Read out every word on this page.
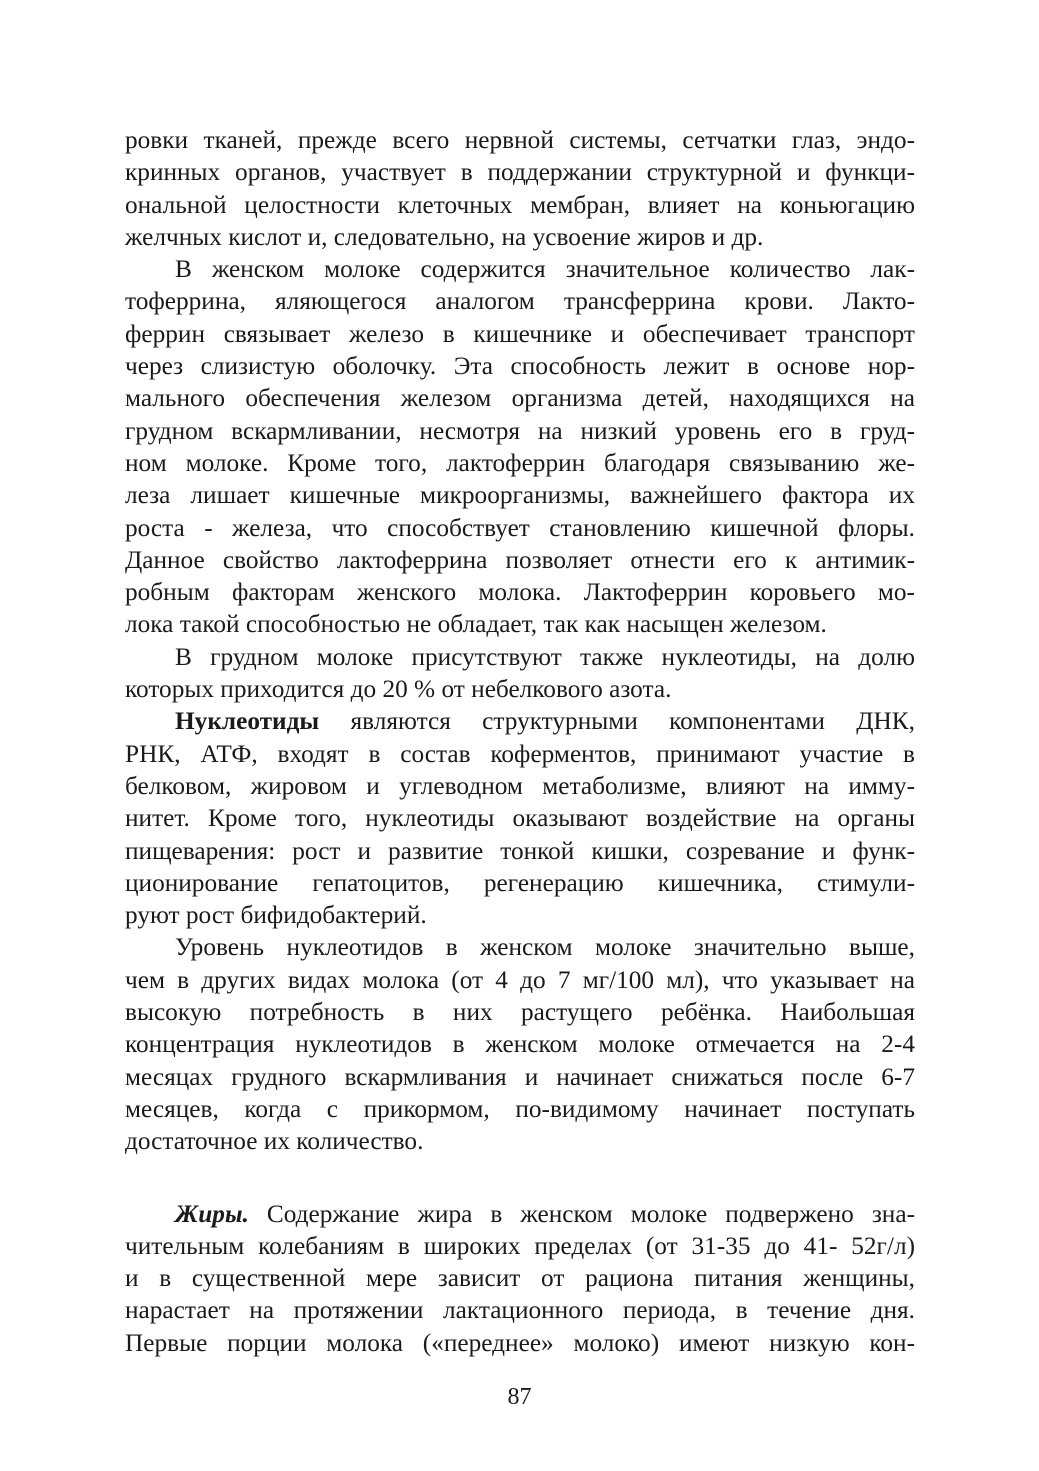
ровки тканей, прежде всего нервной системы, сетчатки глаз, эндо-
кринных органов, участвует в поддержании структурной и функци-
ональной целостности клеточных мембран, влияет на коньюгацию
желчных кислот и, следовательно, на усвоение жиров и др.
В женском молоке содержится значительное количество лак-
тоферрина, яляющегося аналогом трансферрина крови. Лакто-
феррин связывает железо в кишечнике и обеспечивает транспорт
через слизистую оболочку. Эта способность лежит в основе нор-
мального обеспечения железом организма детей, находящихся на
грудном вскармливании, несмотря на низкий уровень его в груд-
ном молоке. Кроме того, лактоферрин благодаря связыванию же-
леза лишает кишечные микроорганизмы, важнейшего фактора их
роста - железа, что способствует становлению кишечной флоры.
Данное свойство лактоферрина позволяет отнести его к антимик-
робным факторам женского молока. Лактоферрин коровьего мо-
лока такой способностью не обладает, так как насыщен железом.
В грудном молоке присутствуют также нуклеотиды, на долю
которых приходится до 20 % от небелкового азота.
Нуклеотиды являются структурными компонентами ДНК,
РНК, АТФ, входят в состав коферментов, принимают участие в
белковом, жировом и углеводном метаболизме, влияют на имму-
нитет. Кроме того, нуклеотиды оказывают воздействие на органы
пищеварения: рост и развитие тонкой кишки, созревание и функ-
ционирование гепатоцитов, регенерацию кишечника, стимули-
руют рост бифидобактерий.
Уровень нуклеотидов в женском молоке значительно выше,
чем в других видах молока (от 4 до 7 мг/100 мл), что указывает на
высокую потребность в них растущего ребёнка. Наибольшая
концентрация нуклеотидов в женском молоке отмечается на 2-4
месяцах грудного вскармливания и начинает снижаться после 6-7
месяцев, когда с прикормом, по-видимому начинает поступать
достаточное их количество.
Жиры. Содержание жира в женском молоке подвержено зна-
чительным колебаниям в широких пределах (от 31-35 до 41- 52г/л)
и в существенной мере зависит от рациона питания женщины,
нарастает на протяжении лактационного периода, в течение дня.
Первые порции молока («переднее» молоко) имеют низкую кон-
87
